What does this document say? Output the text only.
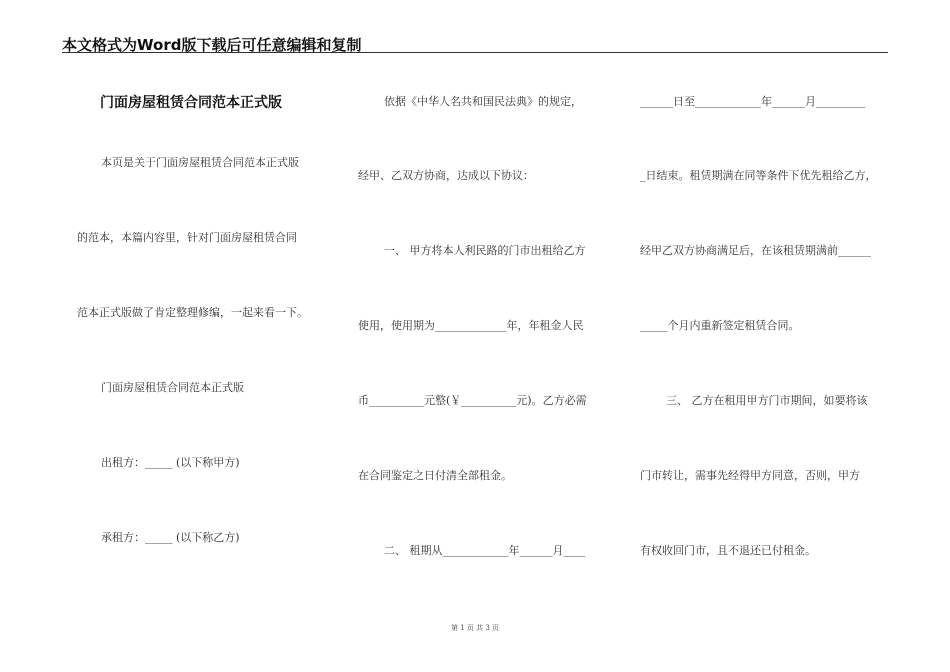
本文格式为Word版下载后可任意编辑和复制
门面房屋租赁合同范本正式版
本页是关于门面房屋租赁合同范本正式版
的范本，本篇内容里，针对门面房屋租赁合同
范本正式版做了肯定整理修编，一起来看一下。
门面房屋租赁合同范本正式版
出租方：_____ (以下称甲方)
承租方：_____ (以下称乙方)
依据《中华人名共和国民法典》的规定，
经甲、乙双方协商，达成以下协议：
一、 甲方将本人利民路的门市出租给乙方
使用，使用期为_____________年，年租金人民
币__________元整(￥__________元)。乙方必需
在合同鉴定之日付清全部租金。
二、 租期从____________年______月____
______日至____________年______月_________
_日结束。租赁期满在同等条件下优先租给乙方，
经甲乙双方协商满足后，在该租赁期满前______
_____个月内重新签定租赁合同。
三、 乙方在租用甲方门市期间，如要将该
门市转让，需事先经得甲方同意，否则，甲方
有权收回门市，且不退还已付租金。
第 1 页 共 3 页
